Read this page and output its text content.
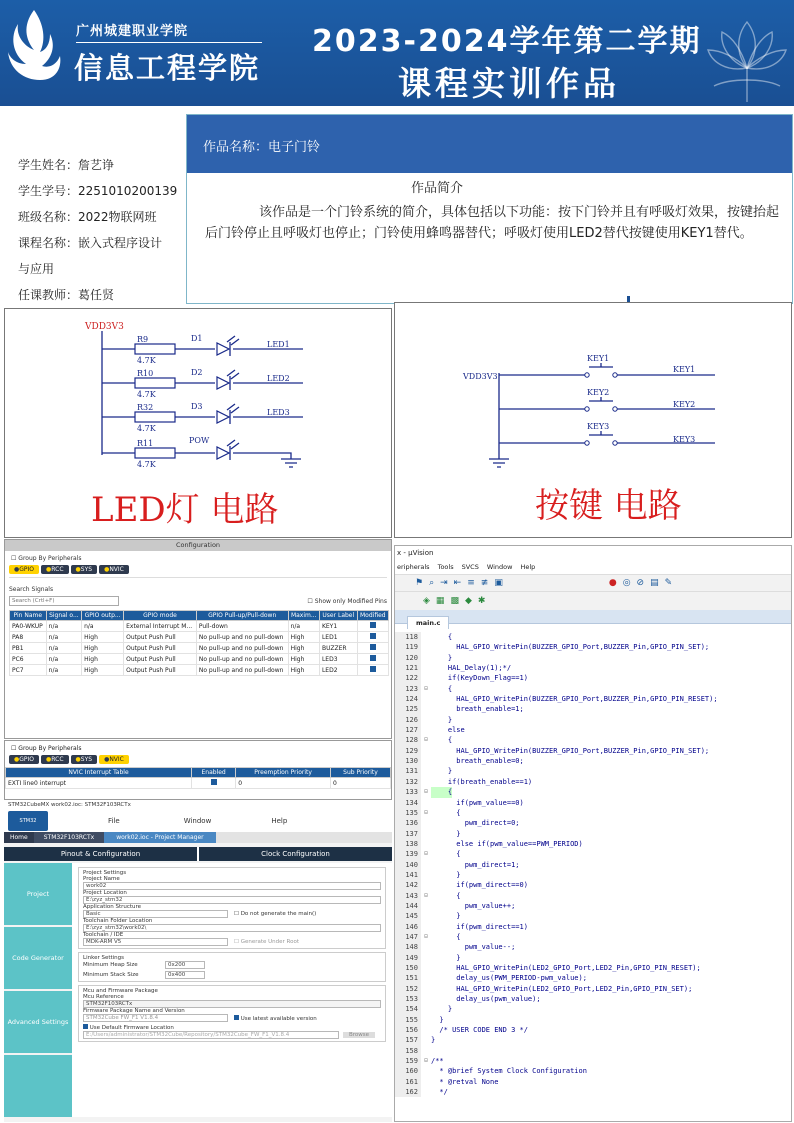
广州城建职业学院
信息工程学院
2023-2024学年第二学期
课程实训作品
学生姓名：詹艺诤
学生学号：2251010200139
班级名称：2022物联网班
课程名称：嵌入式程序设计
与应用
任课教师：葛任贤
作品名称：电子门铃
作品简介
该作品是一个门铃系统的简介，具体包括以下功能：按下门铃并且有呼吸灯效果，按键抬起后门铃停止且呼吸灯也停止；门铃使用蜂鸣器替代；呼吸灯使用LED2替代按键使用KEY1替代。
VDD3V3
R9
4.7K
D1
LED1
R10
4.7K
D2
LED2
R32
4.7K
D3
LED3
R11
4.7K
POW
LED灯 电路
VDD3V3
KEY1
KEY1
KEY2
KEY2
KEY3
KEY3
按键 电路
Configuration
☐ Group By Peripherals
● GPIO	● RCC	● SYS	● NVIC
Search Signals
Search (Crtl+F)
☐ Show only Modified Pins
Pin Name	Signal o...	GPIO outp...	GPIO mode	GPIO Pull-up/Pull-down	Maxim...	User Label	Modified
PA0-WKUP	n/a	n/a	External Interrupt M...	Pull-down	n/a	KEY1	
PA8	n/a	High	Output Push Pull	No pull-up and no pull-down	High	LED1	
PB1	n/a	High	Output Push Pull	No pull-up and no pull-down	High	BUZZER	
PC6	n/a	High	Output Push Pull	No pull-up and no pull-down	High	LED3	
PC7	n/a	High	Output Push Pull	No pull-up and no pull-down	High	LED2	
☐ Group By Peripherals
● GPIO	● RCC	● SYS	● NVIC
NVIC Interrupt Table	Enabled	Preemption Priority	Sub Priority
EXTI line0 interrupt		0	0
STM32CubeMX work02.ioc: STM32F103RCTx
STM32	File	Window	Help
Home	STM32F103RCTx	work02.ioc - Project Manager
Pinout & Configuration	Clock Configuration
Project
Code Generator
Advanced Settings
Project Settings
Project Name
work02
Project Location
E:\zyz_stm32
Application Structure
Basic	☐ Do not generate the main()
Toolchain Folder Location
E:\zyz_stm32\work02\
Toolchain / IDE
MDK-ARM V5	☐ Generate Under Root
Linker Settings
Minimum Heap Size	0x200
Minimum Stack Size	0x400
Mcu and Firmware Package
Mcu Reference
STM32F103RCTx
Firmware Package Name and Version
STM32Cube FW_F1 V1.8.4	Use latest available version
Use Default Firmware Location
E:/Users/administrator/STM32Cube/Repository/STM32Cube_FW_F1_V1.8.4	Browse
x - µVision
eripherals Tools SVCS Window Help
⚑ ⌕ ⇥ ⇤ ≡ ≢ ▣	● ◎ ⊘ ▤ ✎
◈ ▦ ▩ ◆ ✱
main.c
118	{
119	HAL_GPIO_WritePin(BUZZER_GPIO_Port,BUZZER_Pin,GPIO_PIN_SET);
120	}
121	HAL_Delay(1);*/
122	if(KeyDown_Flag==1)
123	⊟ {
124	HAL_GPIO_WritePin(BUZZER_GPIO_Port,BUZZER_Pin,GPIO_PIN_RESET);
125	breath_enable=1;
126	}
127	else
128	⊟ {
129	HAL_GPIO_WritePin(BUZZER_GPIO_Port,BUZZER_Pin,GPIO_PIN_SET);
130	breath_enable=0;
131	}
132	if(breath_enable==1)
133	⊟ {
134	if(pwm_value==0)
135	⊟ {
136	pwm_direct=0;
137	}
138	else if(pwm_value==PWM_PERIOD)
139	⊟ {
140	pwm_direct=1;
141	}
142	if(pwm_direct==0)
143	⊟ {
144	pwm_value++;
145	}
146	if(pwm_direct==1)
147	⊟ {
148	pwm_value--;
149	}
150	HAL_GPIO_WritePin(LED2_GPIO_Port,LED2_Pin,GPIO_PIN_RESET);
151	delay_us(PWM_PERIOD-pwm_value);
152	HAL_GPIO_WritePin(LED2_GPIO_Port,LED2_Pin,GPIO_PIN_SET);
153	delay_us(pwm_value);
154	}
155	}
156	/* USER CODE END 3 */
157	}
158
159	⊟ /**
160	* @brief System Clock Configuration
161	* @retval None
162	*/
